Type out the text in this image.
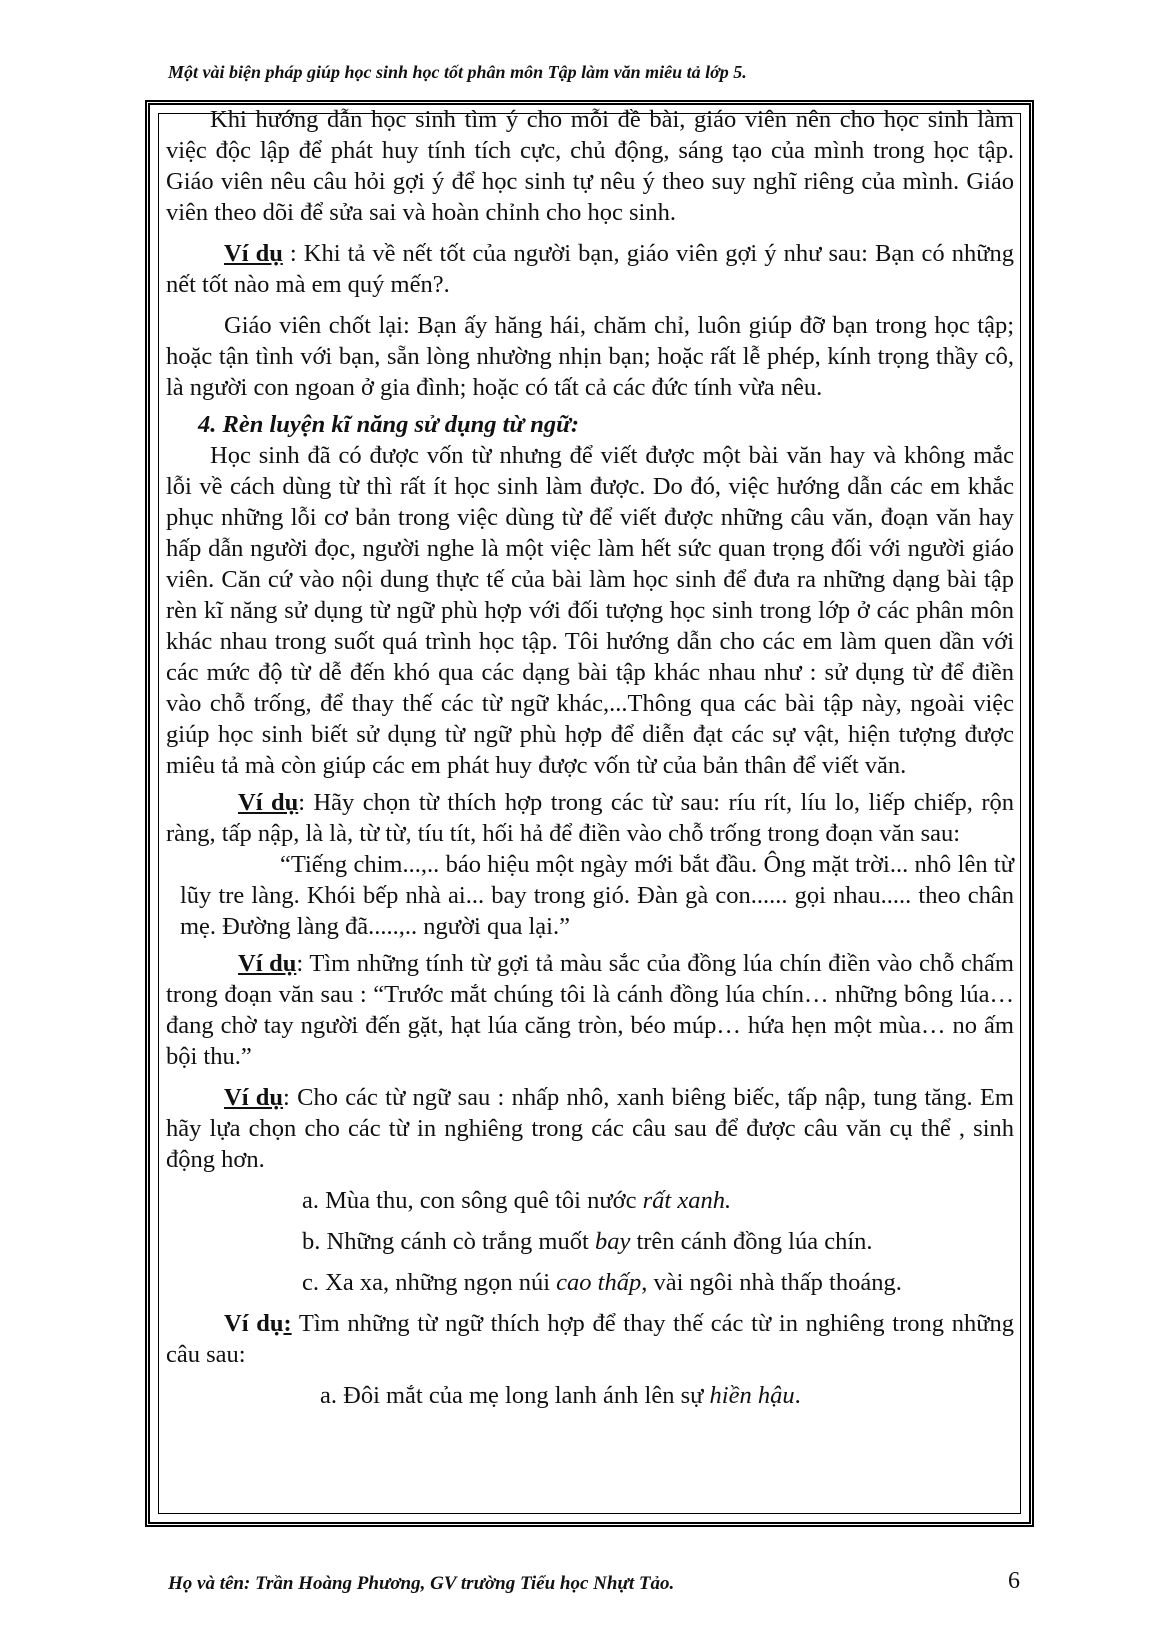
Một vài biện pháp giúp học sinh học tốt phân môn Tập làm văn miêu tả lớp 5.

Khi hướng dẫn học sinh tìm ý cho mỗi đề bài, giáo viên nên cho học sinh làm việc độc lập để phát huy tính tích cực, chủ động, sáng tạo của mình trong học tập. Giáo viên nêu câu hỏi gợi ý để học sinh tự nêu ý theo suy nghĩ riêng của mình. Giáo viên theo dõi để sửa sai và hoàn chỉnh cho học sinh.

Ví dụ : Khi tả về nết tốt của người bạn, giáo viên gợi ý như sau: Bạn có những nết tốt nào mà em quý mến?.

Giáo viên chốt lại: Bạn ấy hăng hái, chăm chỉ, luôn giúp đỡ bạn trong học tập; hoặc tận tình với bạn, sẵn lòng nhường nhịn bạn; hoặc rất lễ phép, kính trọng thầy cô, là người con ngoan ở gia đình; hoặc có tất cả các đức tính vừa nêu.

4. Rèn luyện kĩ năng sử dụng từ ngữ:

Học sinh đã có được vốn từ nhưng để viết được một bài văn hay và không mắc lỗi về cách dùng từ thì rất ít học sinh làm được. Do đó, việc hướng dẫn các em khắc phục những lỗi cơ bản trong việc dùng từ để viết được những câu văn, đoạn văn hay hấp dẫn người đọc, người nghe là một việc làm hết sức quan trọng đối với người giáo viên. Căn cứ vào nội dung thực tế của bài làm học sinh để đưa ra những dạng bài tập rèn kĩ năng sử dụng từ ngữ phù hợp với đối tượng học sinh trong lớp ở các phân môn khác nhau trong suốt quá trình học tập. Tôi hướng dẫn cho các em làm quen dần với các mức độ từ dễ đến khó qua các dạng bài tập khác nhau như : sử dụng từ để điền vào chỗ trống, để thay thế các từ ngữ khác,...Thông qua các bài tập này, ngoài việc giúp học sinh biết sử dụng từ ngữ phù hợp để diễn đạt các sự vật, hiện tượng được miêu tả mà còn giúp các em phát huy được vốn từ của bản thân để viết văn.

Ví dụ: Hãy chọn từ thích hợp trong các từ sau: ríu rít, líu lo, liếp chiếp, rộn ràng, tấp nập, là là, từ từ, tíu tít, hối hả để điền vào chỗ trống trong đoạn văn sau:

“Tiếng chim...,.. báo hiệu một ngày mới bắt đầu. Ông mặt trời... nhô lên từ lũy tre làng. Khói bếp nhà ai... bay trong gió. Đàn gà con...... gọi nhau..... theo chân mẹ. Đường làng đã.....,.. người qua lại.”

Ví dụ: Tìm những tính từ gợi tả màu sắc của đồng lúa chín điền vào chỗ chấm trong đoạn văn sau : “Trước mắt chúng tôi là cánh đồng lúa chín… những bông lúa… đang chờ tay người đến gặt, hạt lúa căng tròn, béo múp… hứa hẹn một mùa… no ấm bội thu.”

Ví dụ: Cho các từ ngữ sau : nhấp nhô, xanh biêng biếc, tấp nập, tung tăng. Em hãy lựa chọn cho các từ in nghiêng trong các câu sau để được câu văn cụ thể , sinh động hơn.

a. Mùa thu, con sông quê tôi nước rất xanh.

b. Những cánh cò trắng muốt bay trên cánh đồng lúa chín.

c. Xa xa, những ngọn núi cao thấp, vài ngôi nhà thấp thoáng.

Ví dụ: Tìm những từ ngữ thích hợp để thay thế các từ in nghiêng trong những câu sau:

a. Đôi mắt của mẹ long lanh ánh lên sự hiền hậu.

Họ và tên: Trần Hoàng Phương, GV trường Tiểu học Nhựt Tảo.	6
